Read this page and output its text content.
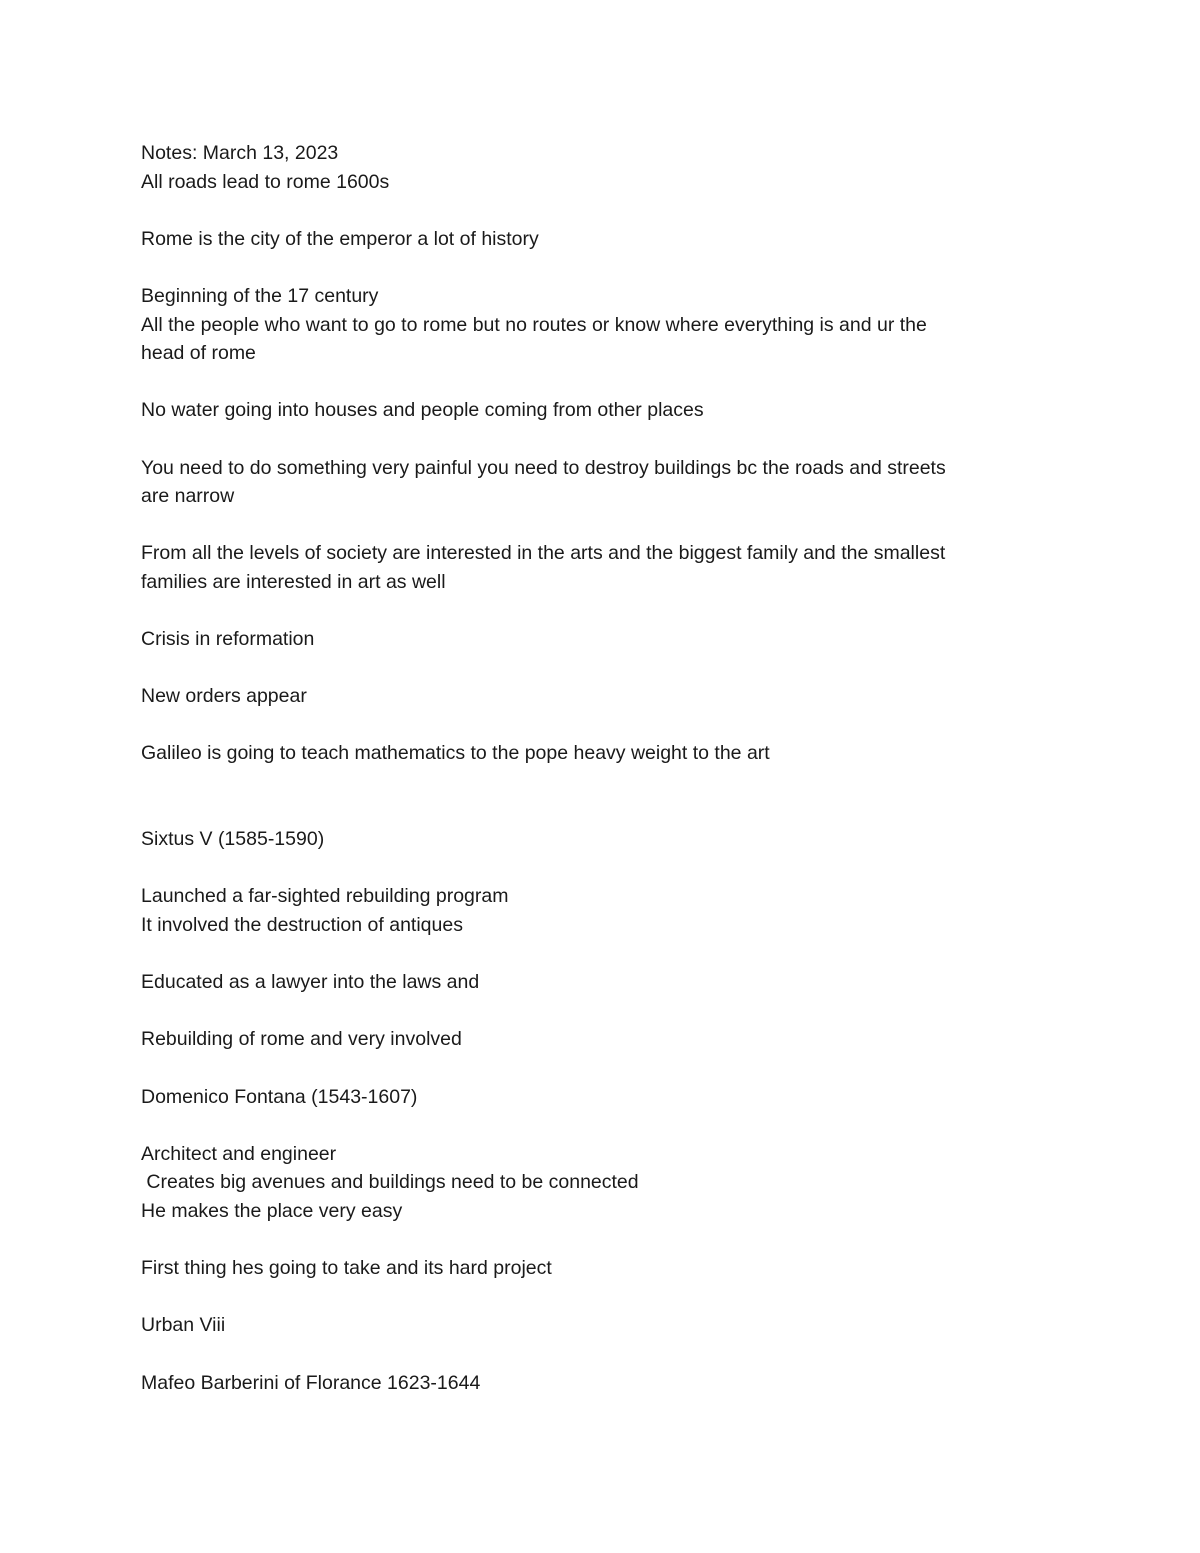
Notes: March 13, 2023
All roads lead to rome 1600s
Rome is the city of the emperor a lot of history
Beginning of the 17 century
All the people who want to go to rome but no routes or know where everything is and ur the
head of rome
No water going into houses and people coming from other places
You need to do something very painful you need to destroy buildings bc the roads and streets
are narrow
From all the levels of society are interested in the arts and the biggest family and the smallest
families are interested in art as well
Crisis in reformation
New orders appear
Galileo is going to teach mathematics to the pope heavy weight to the art
Sixtus V (1585-1590)
Launched a far-sighted rebuilding program
It involved the destruction of antiques
Educated as a lawyer into the laws and
Rebuilding of rome and very involved
Domenico Fontana (1543-1607)
Architect and engineer
Creates big avenues and buildings need to be connected
He makes the place very easy
First thing hes going to take and its hard project
Urban Viii
Mafeo Barberini of Florance 1623-1644
